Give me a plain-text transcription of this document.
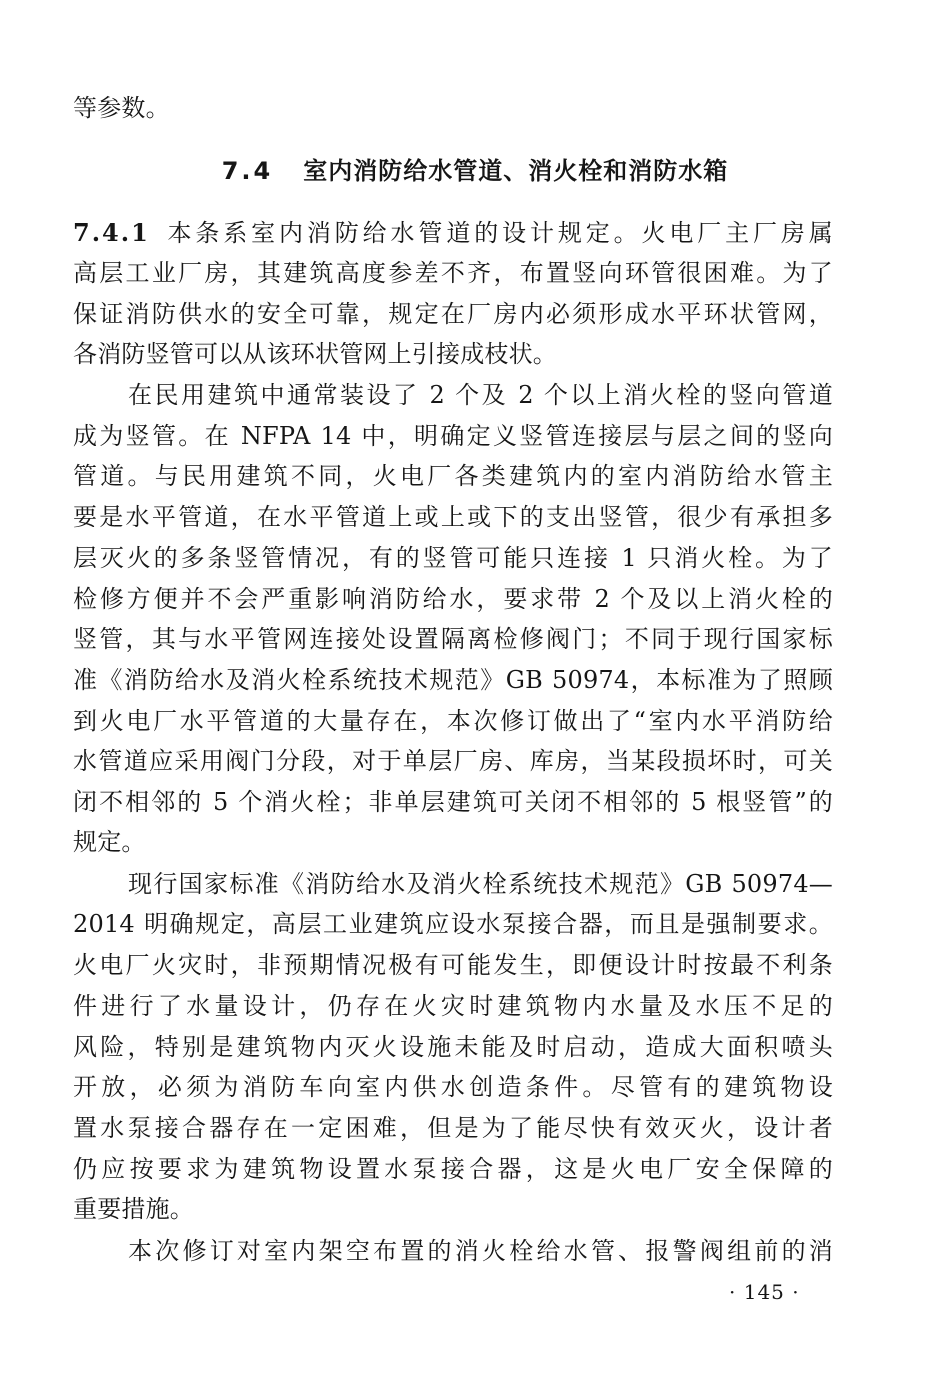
等参数。
7.4 室内消防给水管道、消火栓和消防水箱
7.4.1 本条系室内消防给水管道的设计规定。火电厂主厂房属
高层工业厂房，其建筑高度参差不齐，布置竖向环管很困难。为了
保证消防供水的安全可靠，规定在厂房内必须形成水平环状管网，
各消防竖管可以从该环状管网上引接成枝状。
在民用建筑中通常装设了 2 个及 2 个以上消火栓的竖向管道
成为竖管。在 NFPA 14 中，明确定义竖管连接层与层之间的竖向
管道。与民用建筑不同，火电厂各类建筑内的室内消防给水管主
要是水平管道，在水平管道上或上或下的支出竖管，很少有承担多
层灭火的多条竖管情况，有的竖管可能只连接 1 只消火栓。为了
检修方便并不会严重影响消防给水，要求带 2 个及以上消火栓的
竖管，其与水平管网连接处设置隔离检修阀门；不同于现行国家标
准《消防给水及消火栓系统技术规范》GB 50974，本标准为了照顾
到火电厂水平管道的大量存在，本次修订做出了“室内水平消防给
水管道应采用阀门分段，对于单层厂房、库房，当某段损坏时，可关
闭不相邻的 5 个消火栓；非单层建筑可关闭不相邻的 5 根竖管”的
规定。
现行国家标准《消防给水及消火栓系统技术规范》GB 50974—
2014 明确规定，高层工业建筑应设水泵接合器，而且是强制要求。
火电厂火灾时，非预期情况极有可能发生，即便设计时按最不利条
件进行了水量设计，仍存在火灾时建筑物内水量及水压不足的
风险，特别是建筑物内灭火设施未能及时启动，造成大面积喷头
开放，必须为消防车向室内供水创造条件。尽管有的建筑物设
置水泵接合器存在一定困难，但是为了能尽快有效灭火，设计者
仍应按要求为建筑物设置水泵接合器，这是火电厂安全保障的
重要措施。
本次修订对室内架空布置的消火栓给水管、报警阀组前的消
· 145 ·
